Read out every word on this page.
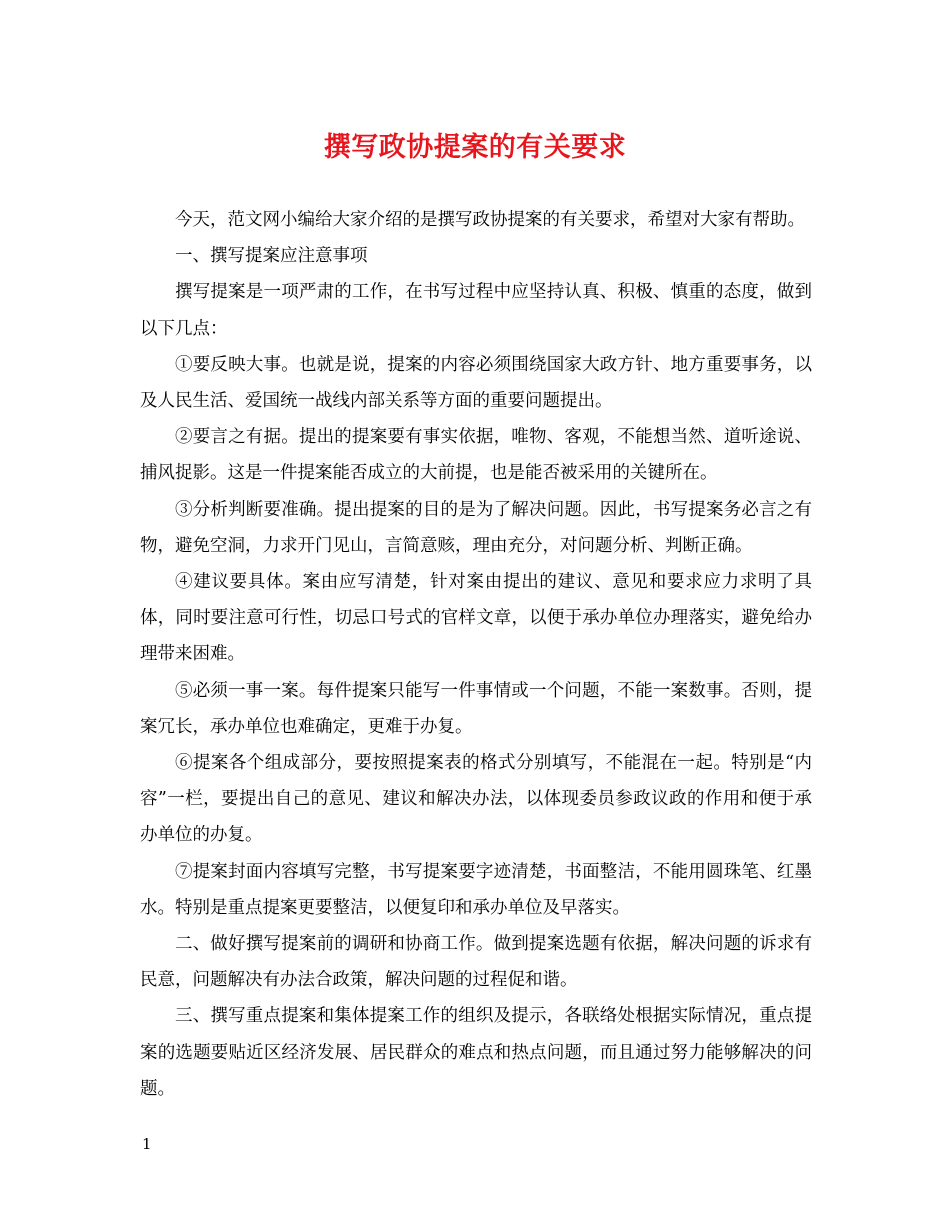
撰写政协提案的有关要求

今天，范文网小编给大家介绍的是撰写政协提案的有关要求，希望对大家有帮助。

一、撰写提案应注意事项

撰写提案是一项严肃的工作，在书写过程中应坚持认真、积极、慎重的态度，做到以下几点：

①要反映大事。也就是说，提案的内容必须围绕国家大政方针、地方重要事务，以及人民生活、爱国统一战线内部关系等方面的重要问题提出。

②要言之有据。提出的提案要有事实依据，唯物、客观，不能想当然、道听途说、捕风捉影。这是一件提案能否成立的大前提，也是能否被采用的关键所在。

③分析判断要准确。提出提案的目的是为了解决问题。因此，书写提案务必言之有物，避免空洞，力求开门见山，言简意赅，理由充分，对问题分析、判断正确。

④建议要具体。案由应写清楚，针对案由提出的建议、意见和要求应力求明了具体，同时要注意可行性，切忌口号式的官样文章，以便于承办单位办理落实，避免给办理带来困难。

⑤必须一事一案。每件提案只能写一件事情或一个问题，不能一案数事。否则，提案冗长，承办单位也难确定，更难于办复。

⑥提案各个组成部分，要按照提案表的格式分别填写，不能混在一起。特别是“内容”一栏，要提出自己的意见、建议和解决办法，以体现委员参政议政的作用和便于承办单位的办复。

⑦提案封面内容填写完整，书写提案要字迹清楚，书面整洁，不能用圆珠笔、红墨水。特别是重点提案更要整洁，以便复印和承办单位及早落实。

二、做好撰写提案前的调研和协商工作。做到提案选题有依据，解决问题的诉求有民意，问题解决有办法合政策，解决问题的过程促和谐。

三、撰写重点提案和集体提案工作的组织及提示，各联络处根据实际情况，重点提案的选题要贴近区经济发展、居民群众的难点和热点问题，而且通过努力能够解决的问题。

1
